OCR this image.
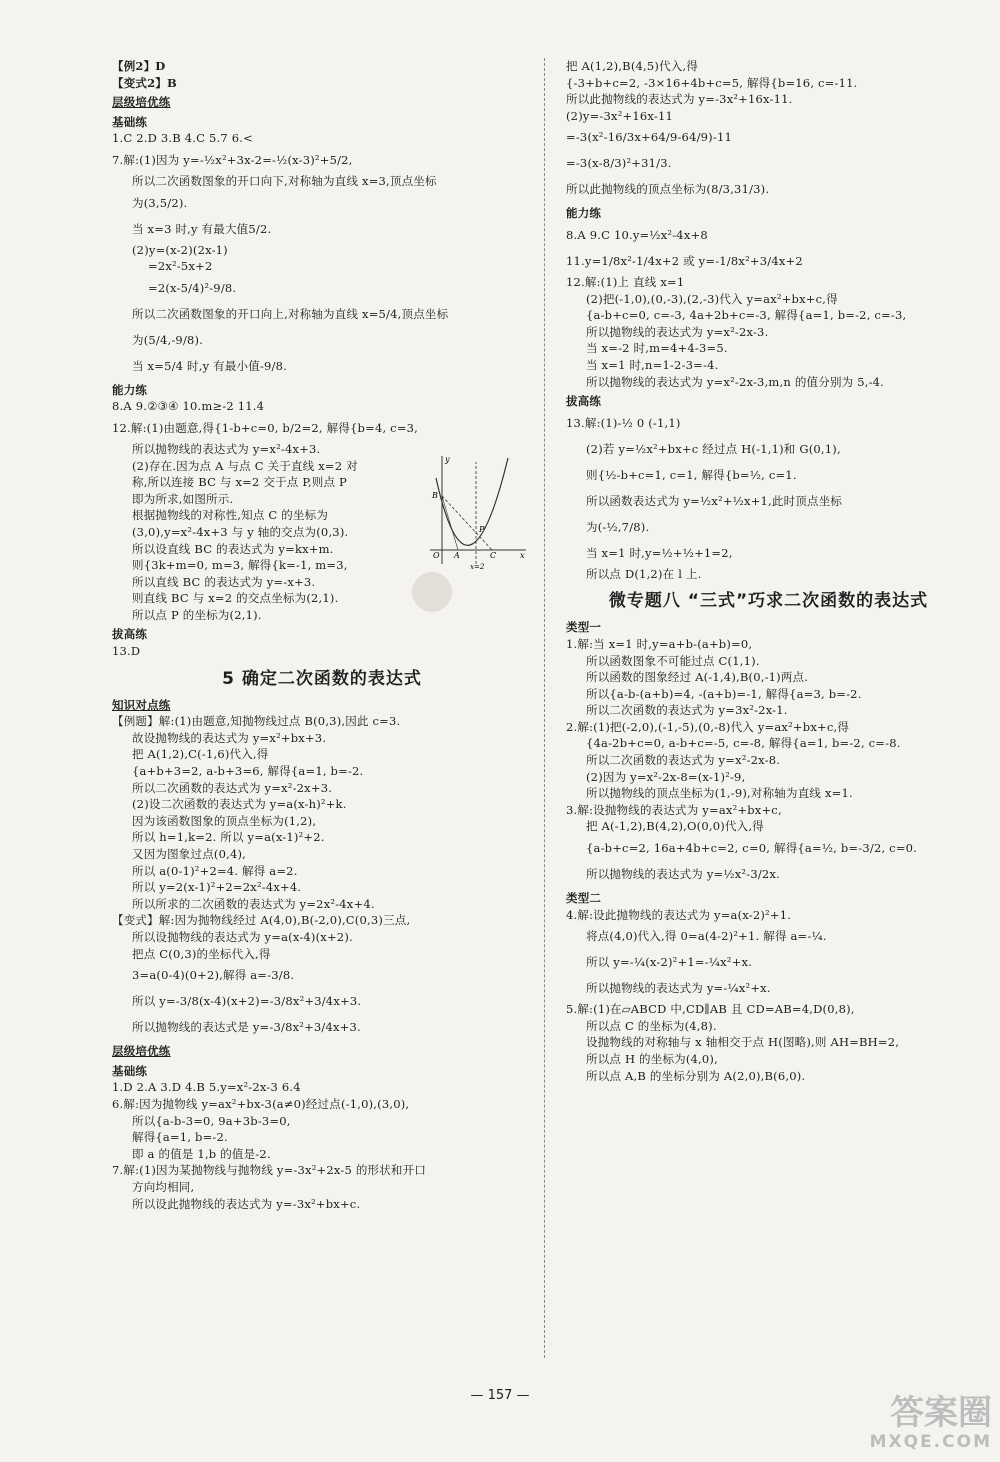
【例2】D
【变式2】B
层级培优练
基础练
1.C 2.D 3.B 4.C 5.7 6.<
7.解:(1)因为 y=-½x²+3x-2=-½(x-3)²+5/2,
所以二次函数图象的开口向下,对称轴为直线 x=3,顶点坐标
为(3,5/2).
当 x=3 时,y 有最大值5/2.
(2)y=(x-2)(2x-1)
=2x²-5x+2
=2(x-5/4)²-9/8.
所以二次函数图象的开口向上,对称轴为直线 x=5/4,顶点坐标
为(5/4,-9/8).
当 x=5/4 时,y 有最小值-9/8.
能力练
8.A 9.②③④ 10.m≥-2 11.4
12.解:(1)由题意,得{1-b+c=0, b/2=2, 解得{b=4, c=3,
所以抛物线的表达式为 y=x²-4x+3.
(2)存在.因为点 A 与点 C 关于直线 x=2 对
称,所以连接 BC 与 x=2 交于点 P,则点 P
即为所求,如图所示.
根据抛物线的对称性,知点 C 的坐标为
(3,0),y=x²-4x+3 与 y 轴的交点为(0,3).
所以设直线 BC 的表达式为 y=kx+m.
则{3k+m=0, m=3, 解得{k=-1, m=3,
所以直线 BC 的表达式为 y=-x+3.
则直线 BC 与 x=2 的交点坐标为(2,1).
所以点 P 的坐标为(2,1).
拔高练
13.D
5 确定二次函数的表达式
知识对点练
【例题】解:(1)由题意,知抛物线过点 B(0,3),因此 c=3.
故设抛物线的表达式为 y=x²+bx+3.
把 A(1,2),C(-1,6)代入,得
{a+b+3=2, a-b+3=6, 解得{a=1, b=-2.
所以二次函数的表达式为 y=x²-2x+3.
(2)设二次函数的表达式为 y=a(x-h)²+k.
因为该函数图象的顶点坐标为(1,2),
所以 h=1,k=2. 所以 y=a(x-1)²+2.
又因为图象过点(0,4),
所以 a(0-1)²+2=4. 解得 a=2.
所以 y=2(x-1)²+2=2x²-4x+4.
所以所求的二次函数的表达式为 y=2x²-4x+4.
【变式】解:因为抛物线经过 A(4,0),B(-2,0),C(0,3)三点,
所以设抛物线的表达式为 y=a(x-4)(x+2).
把点 C(0,3)的坐标代入,得
3=a(0-4)(0+2),解得 a=-3/8.
所以 y=-3/8(x-4)(x+2)=-3/8x²+3/4x+3.
所以抛物线的表达式是 y=-3/8x²+3/4x+3.
层级培优练
基础练
1.D 2.A 3.D 4.B 5.y=x²-2x-3 6.4
6.解:因为抛物线 y=ax²+bx-3(a≠0)经过点(-1,0),(3,0),
所以{a-b-3=0, 9a+3b-3=0,
解得{a=1, b=-2.
即 a 的值是 1,b 的值是-2.
7.解:(1)因为某抛物线与抛物线 y=-3x²+2x-5 的形状和开口
方向均相同,
所以设此抛物线的表达式为 y=-3x²+bx+c.
把 A(1,2),B(4,5)代入,得
{-3+b+c=2, -3×16+4b+c=5, 解得{b=16, c=-11.
所以此抛物线的表达式为 y=-3x²+16x-11.
(2)y=-3x²+16x-11
=-3(x²-16/3x+64/9-64/9)-11
=-3(x-8/3)²+31/3.
所以此抛物线的顶点坐标为(8/3,31/3).
能力练
8.A 9.C 10.y=½x²-4x+8
11.y=1/8x²-1/4x+2 或 y=-1/8x²+3/4x+2
12.解:(1)上 直线 x=1
(2)把(-1,0),(0,-3),(2,-3)代入 y=ax²+bx+c,得
{a-b+c=0, c=-3, 4a+2b+c=-3, 解得{a=1, b=-2, c=-3,
所以抛物线的表达式为 y=x²-2x-3.
当 x=-2 时,m=4+4-3=5.
当 x=1 时,n=1-2-3=-4.
所以抛物线的表达式为 y=x²-2x-3,m,n 的值分别为 5,-4.
拔高练
13.解:(1)-½ 0 (-1,1)
(2)若 y=½x²+bx+c 经过点 H(-1,1)和 G(0,1),
则{½-b+c=1, c=1, 解得{b=½, c=1.
所以函数表达式为 y=½x²+½x+1,此时顶点坐标
为(-½,7/8).
当 x=1 时,y=½+½+1=2,
所以点 D(1,2)在 l 上.
微专题八 “三式”巧求二次函数的表达式
类型一
1.解:当 x=1 时,y=a+b-(a+b)=0,
所以函数图象不可能过点 C(1,1).
所以函数的图象经过 A(-1,4),B(0,-1)两点.
所以{a-b-(a+b)=4, -(a+b)=-1, 解得{a=3, b=-2.
所以二次函数的表达式为 y=3x²-2x-1.
2.解:(1)把(-2,0),(-1,-5),(0,-8)代入 y=ax²+bx+c,得
{4a-2b+c=0, a-b+c=-5, c=-8, 解得{a=1, b=-2, c=-8.
所以二次函数的表达式为 y=x²-2x-8.
(2)因为 y=x²-2x-8=(x-1)²-9,
所以抛物线的顶点坐标为(1,-9),对称轴为直线 x=1.
3.解:设抛物线的表达式为 y=ax²+bx+c,
把 A(-1,2),B(4,2),O(0,0)代入,得
{a-b+c=2, 16a+4b+c=2, c=0, 解得{a=½, b=-3/2, c=0.
所以抛物线的表达式为 y=½x²-3/2x.
类型二
4.解:设此抛物线的表达式为 y=a(x-2)²+1.
将点(4,0)代入,得 0=a(4-2)²+1. 解得 a=-¼.
所以 y=-¼(x-2)²+1=-¼x²+x.
所以抛物线的表达式为 y=-¼x²+x.
5.解:(1)在▱ABCD 中,CD∥AB 且 CD=AB=4,D(0,8),
所以点 C 的坐标为(4,8).
设抛物线的对称轴与 x 轴相交于点 H(图略),则 AH=BH=2,
所以点 H 的坐标为(4,0),
所以点 A,B 的坐标分别为 A(2,0),B(6,0).
y
B
P
O A	C	x
x=2
— 157 —	答案圈
MXQE.COM
